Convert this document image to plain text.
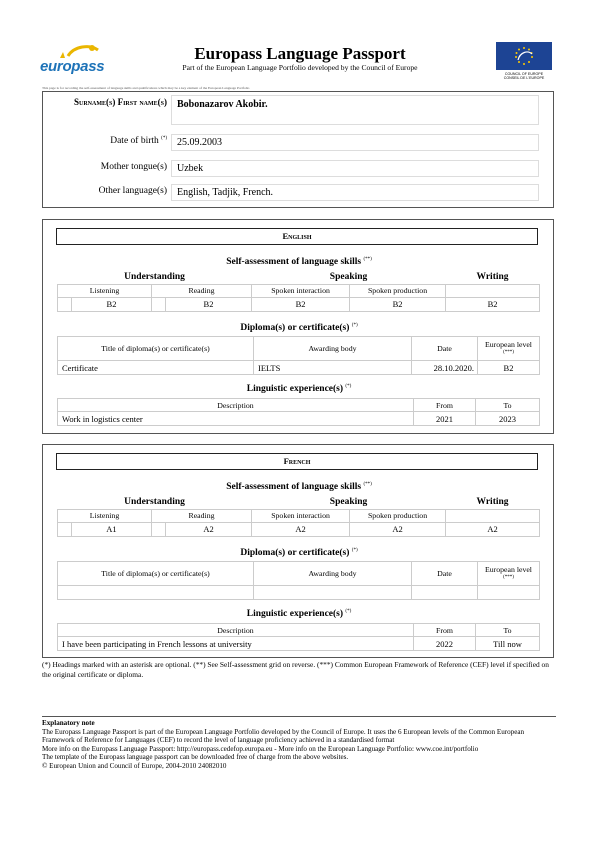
europass
Europass Language Passport
Part of the European Language Portfolio developed by the Council of Europe
COUNCIL OF EUROPE
CONSEIL DE L'EUROPE
This page is for recording the self-assessment of language skills and qualifications which may be a key element of the European Language Portfolio
Surname(s) First name(s)	Bobonazarov Akobir.
Date of birth (*)	25.09.2003
Mother tongue(s)	Uzbek
Other language(s)	English, Tadjik, French.
English
Self-assessment of language skills (**)
Understanding				Speaking		Writing
Listening		Reading		Spoken interaction	Spoken production	
	B2		B2	B2	B2	B2
Diploma(s) or certificate(s) (*)
Title of diploma(s) or certificate(s)	Awarding body	Date	European level
(***)
Certificate	IELTS	28.10.2020.	B2
Linguistic experience(s) (*)
Description	From	To
Work in logistics center	2021	2023
French
Self-assessment of language skills (**)
Understanding				Speaking		Writing
Listening		Reading		Spoken interaction	Spoken production	
	A1		A2	A2	A2	A2
Diploma(s) or certificate(s) (*)
Title of diploma(s) or certificate(s)	Awarding body	Date	European level
(***)

Linguistic experience(s) (*)
Description	From	To
I have been participating in French lessons at university	2022	Till now
(*) Headings marked with an asterisk are optional. (**) See Self-assessment grid on reverse. (***) Common European Framework of Reference (CEF) level if specified on the original certificate or diploma.
Explanatory note
The Europass Language Passport is part of the European Language Portfolio developed by the Council of Europe. It uses the 6 European levels of the Common European Framework of Reference for Languages (CEF) to record the level of language proficiency achieved in a standardised format
More info on the Europass Language Passport: http://europass.cedefop.europa.eu - More info on the European Language Portfolio: www.coe.int/portfolio
The template of the Europass language passport can be downloaded free of charge from the above websites.
© European Union and Council of Europe, 2004-2010 24082010
